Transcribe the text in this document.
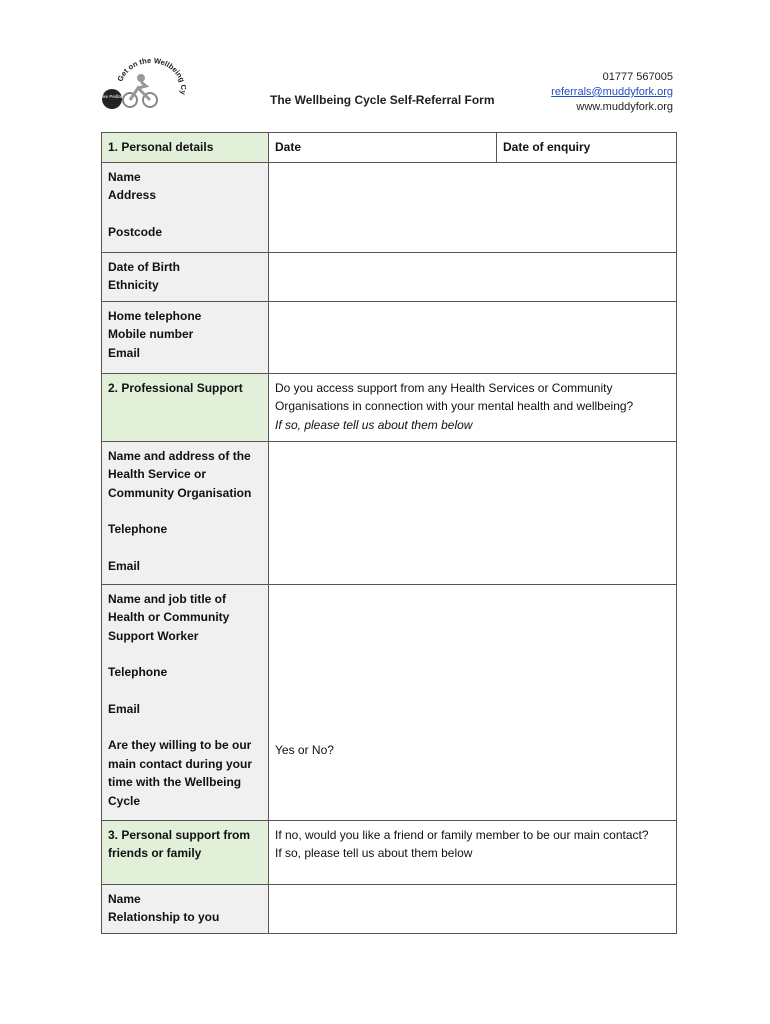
Get on the Wellbeing
Bike Pedlars	The Wellbeing Cycle Self-Referral Form
01777 567005
referrals@muddyfork.org
www.muddyfork.org
1. Personal details	Date	Date of enquiry

Name
Address
Postcode		

Date of Birth
Ethnicity		

Home telephone
Mobile number
Email		

2. Professional Support	Do you access support from any Health Services or Community Organisations in connection with your mental health and wellbeing?
If so, please tell us about them below	

Name and address of the Health Service or Community Organisation
Telephone
Email		

Name and job title of Health or Community Support Worker
Telephone
Email
Are they willing to be our main contact during your time with the Wellbeing Cycle	Yes or No?	

3. Personal support from friends or family	If no, would you like a friend or family member to be our main contact?
If so, please tell us about them below	

Name
Relationship to you		
